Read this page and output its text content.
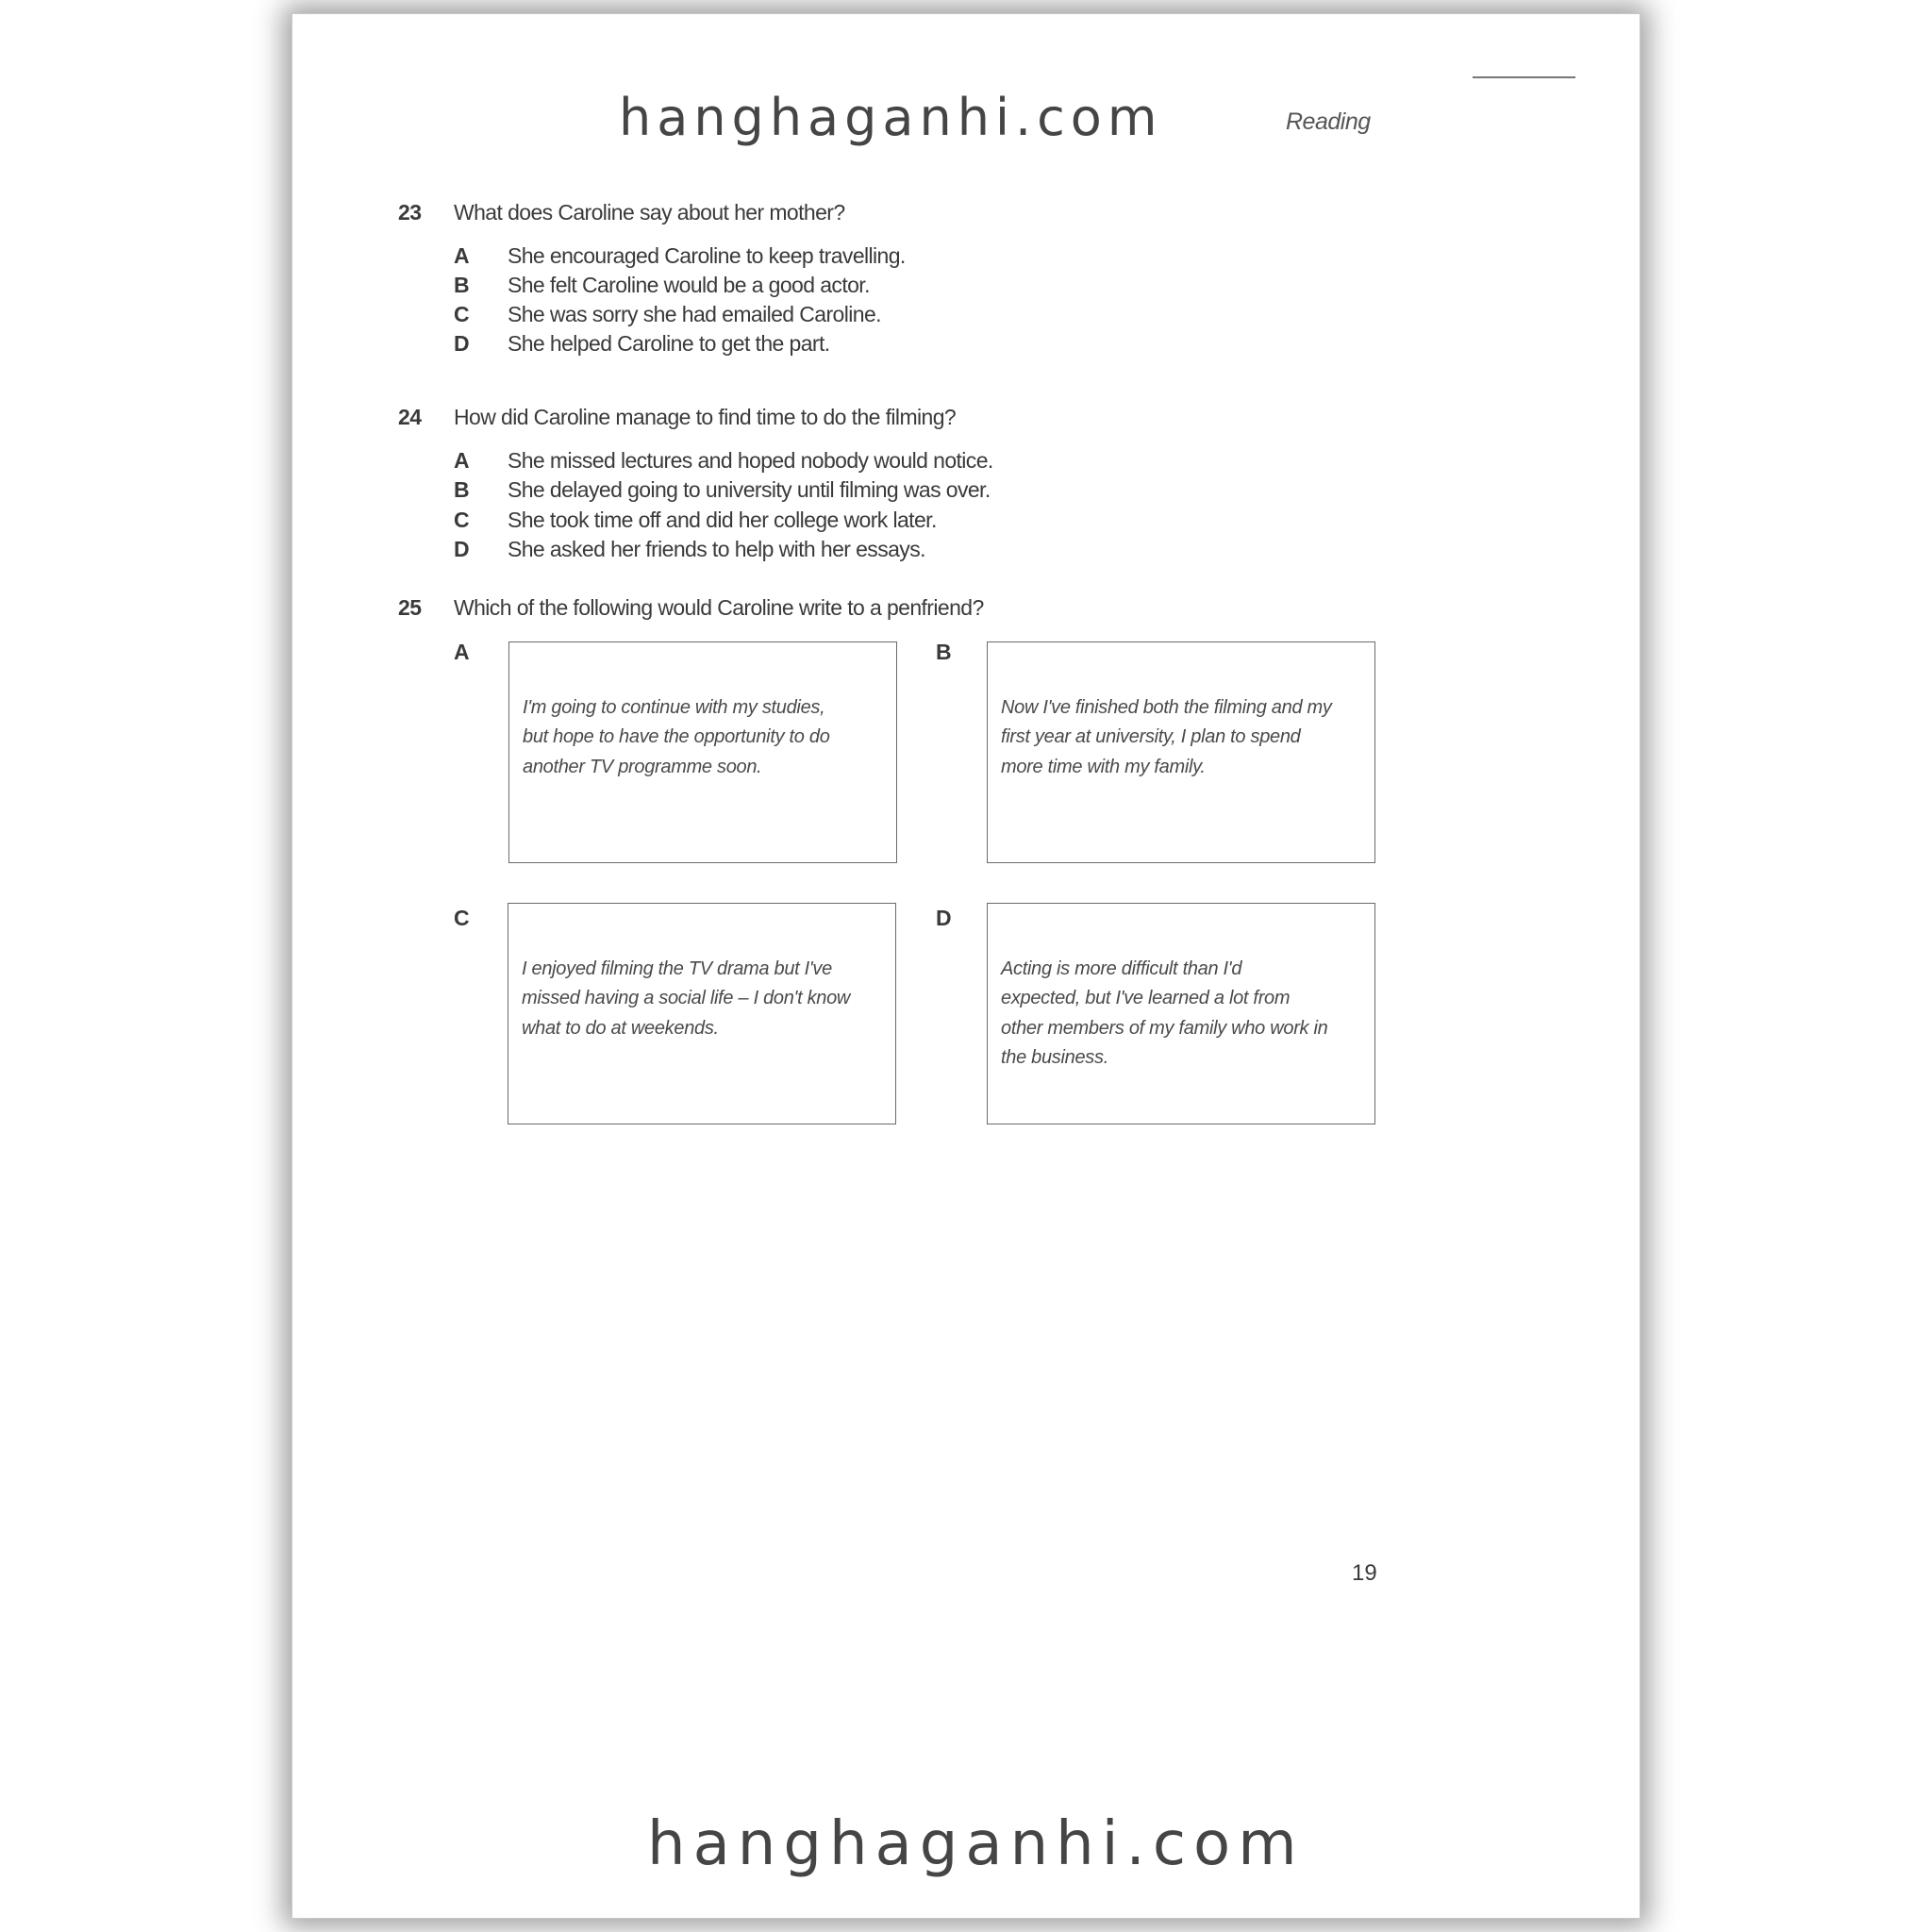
hanghaganhi.com	Reading
23 What does Caroline say about her mother?
A She encouraged Caroline to keep travelling.
B She felt Caroline would be a good actor.
C She was sorry she had emailed Caroline.
D She helped Caroline to get the part.
24 How did Caroline manage to find time to do the filming?
A She missed lectures and hoped nobody would notice.
B She delayed going to university until filming was over.
C She took time off and did her college work later.
D She asked her friends to help with her essays.
25 Which of the following would Caroline write to a penfriend?
A
I'm going to continue with my studies,
but hope to have the opportunity to do
another TV programme soon.
B
Now I've finished both the filming and my
first year at university, I plan to spend
more time with my family.
C
I enjoyed filming the TV drama but I've
missed having a social life – I don't know
what to do at weekends.
D
Acting is more difficult than I'd
expected, but I've learned a lot from
other members of my family who work in
the business.
19
hanghaganhi.com
